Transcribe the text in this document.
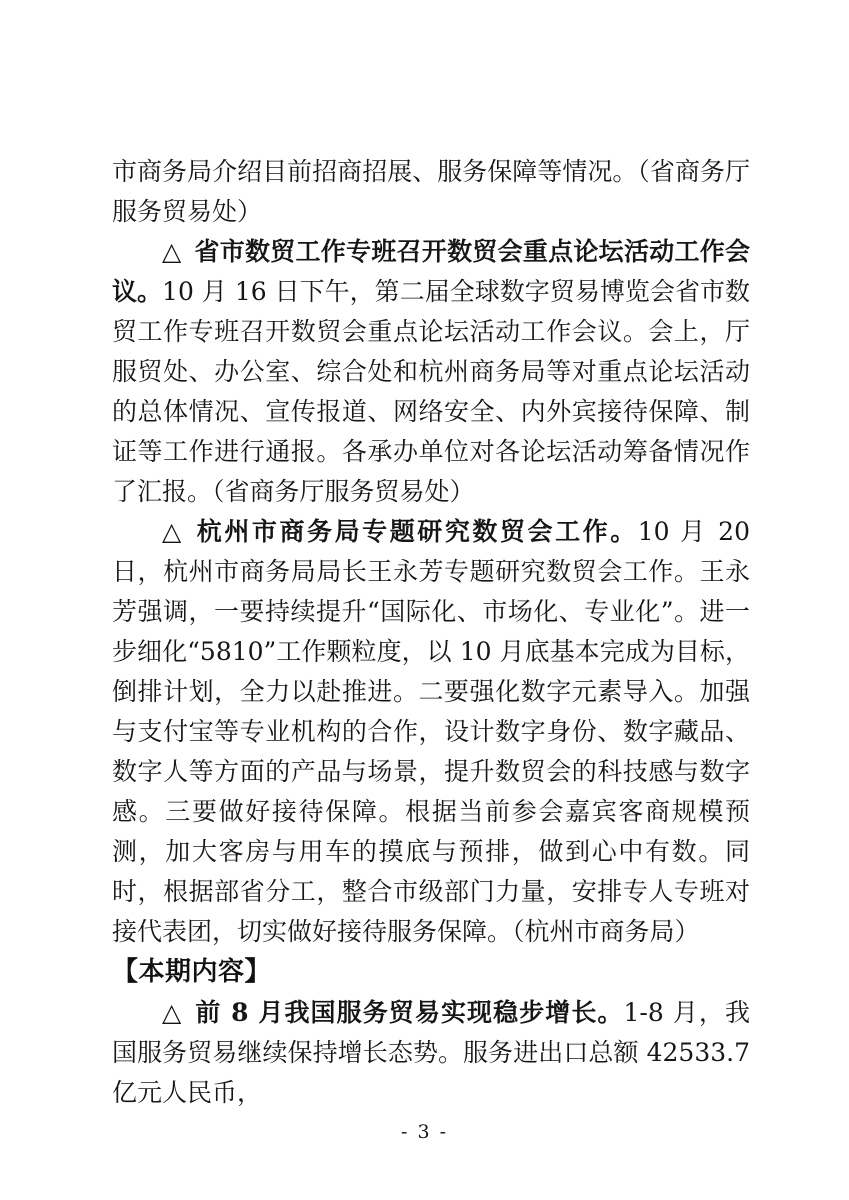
市商务局介绍目前招商招展、服务保障等情况。（省商务厅服务贸易处）

△ 省市数贸工作专班召开数贸会重点论坛活动工作会议。10 月 16 日下午，第二届全球数字贸易博览会省市数贸工作专班召开数贸会重点论坛活动工作会议。会上，厅服贸处、办公室、综合处和杭州商务局等对重点论坛活动的总体情况、宣传报道、网络安全、内外宾接待保障、制证等工作进行通报。各承办单位对各论坛活动筹备情况作了汇报。（省商务厅服务贸易处）

△ 杭州市商务局专题研究数贸会工作。10 月 20 日，杭州市商务局局长王永芳专题研究数贸会工作。王永芳强调，一要持续提升“国际化、市场化、专业化”。进一步细化“5810”工作颗粒度，以 10 月底基本完成为目标，倒排计划，全力以赴推进。二要强化数字元素导入。加强与支付宝等专业机构的合作，设计数字身份、数字藏品、数字人等方面的产品与场景，提升数贸会的科技感与数字感。三要做好接待保障。根据当前参会嘉宾客商规模预测，加大客房与用车的摸底与预排，做到心中有数。同时，根据部省分工，整合市级部门力量，安排专人专班对接代表团，切实做好接待服务保障。（杭州市商务局）

【本期内容】

△ 前 8 月我国服务贸易实现稳步增长。1-8 月，我国服务贸易继续保持增长态势。服务进出口总额 42533.7 亿元人民币，

- 3 -
